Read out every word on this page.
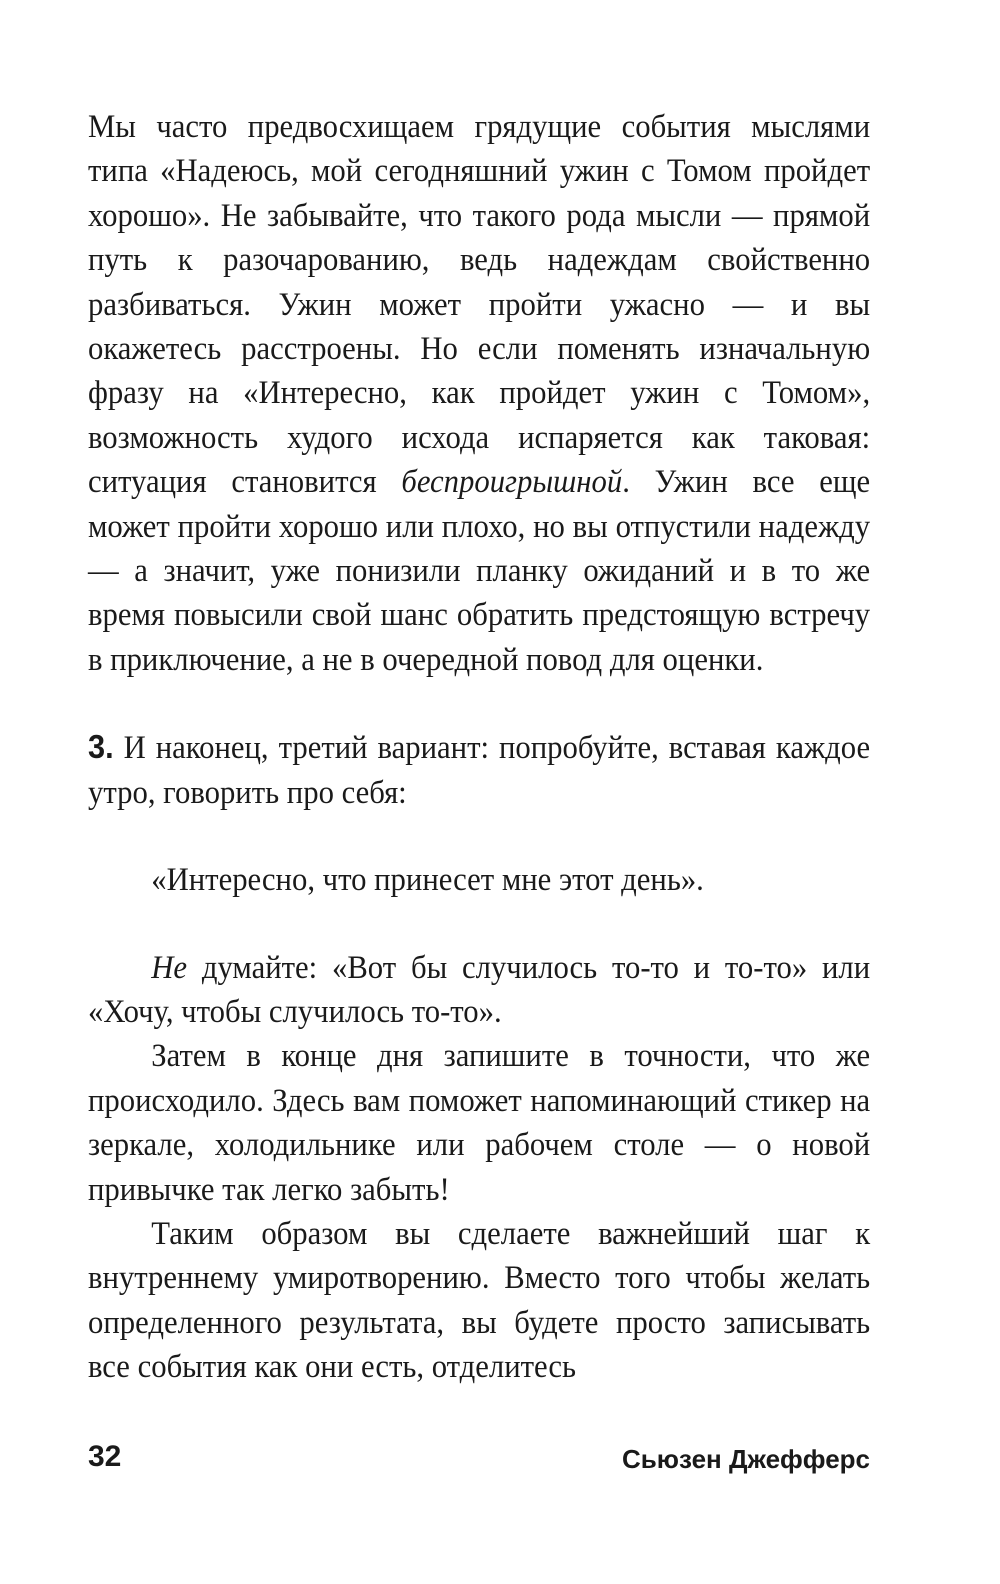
Мы часто предвосхищаем грядущие события мыслями типа «Надеюсь, мой сегодняшний ужин с Томом пройдет хорошо». Не забывайте, что такого рода мысли — прямой путь к разочарованию, ведь надеждам свойственно разбиваться. Ужин может пройти ужасно — и вы окажетесь расстроены. Но если поменять изначальную фразу на «Интересно, как пройдет ужин с Томом», возможность худого исхода испаряется как таковая: ситуация становится беспроигрышной. Ужин все еще может пройти хорошо или плохо, но вы отпустили надежду — а значит, уже понизили планку ожиданий и в то же время повысили свой шанс обратить предстоящую встречу в приключение, а не в очередной повод для оценки.

3. И наконец, третий вариант: попробуйте, вставая каждое утро, говорить про себя:

«Интересно, что принесет мне этот день».

Не думайте: «Вот бы случилось то-то и то-то» или «Хочу, чтобы случилось то-то».

Затем в конце дня запишите в точности, что же происходило. Здесь вам поможет напоминающий стикер на зеркале, холодильнике или рабочем столе — о новой привычке так легко забыть!

Таким образом вы сделаете важнейший шаг к внутреннему умиротворению. Вместо того чтобы желать определенного результата, вы будете просто записывать все события как они есть, отделитесь

32	Сьюзен Джефферс
